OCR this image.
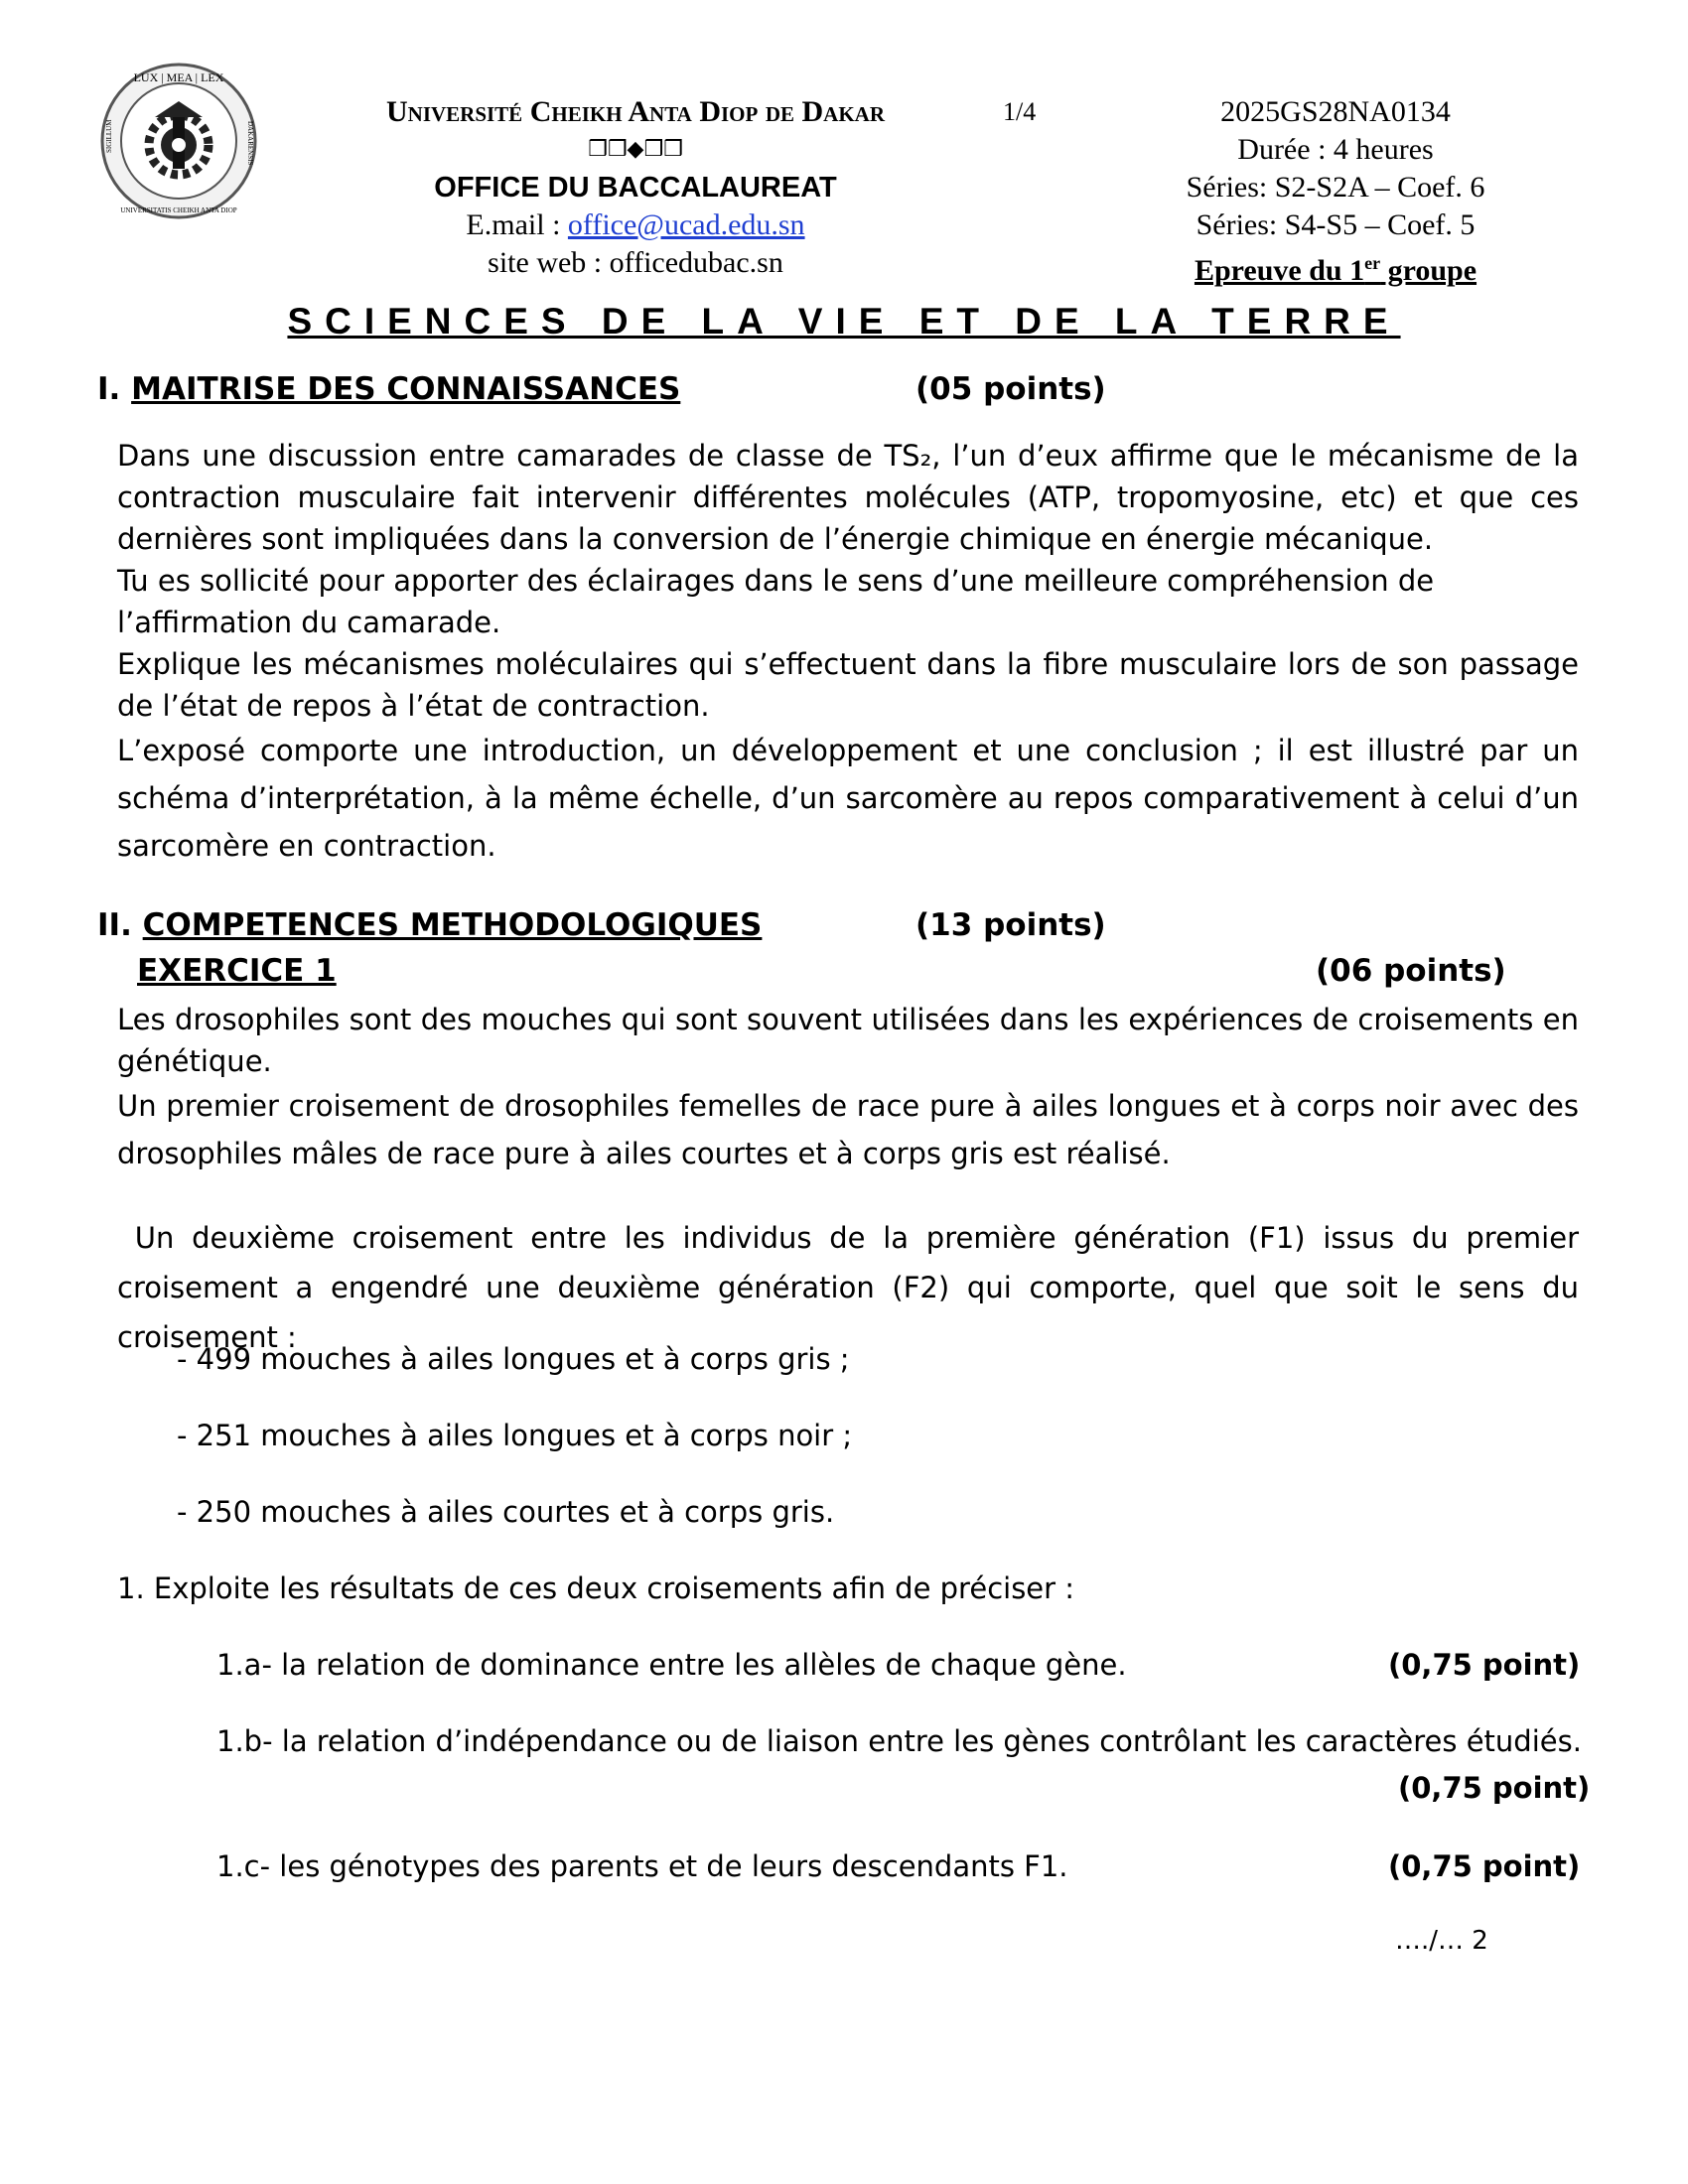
LUX | MEA | LEX
SIGILLUM
UNIVERSITATIS CHEIKH ANTA DIOP
DAKARENSIS
Université Cheikh Anta Diop de Dakar
❒❒◆❒❒
OFFICE DU BACCALAUREAT
E.mail : office@ucad.edu.sn
site web : officedubac.sn
1/4	2025GS28NA0134
Durée : 4 heures
Séries: S2-S2A – Coef. 6
Séries: S4-S5 – Coef. 5
Epreuve du 1er groupe
SCIENCES DE LA VIE ET DE LA TERRE
I. MAITRISE DES CONNAISSANCES	(05 points)

Dans une discussion entre camarades de classe de TS₂, l’un d’eux affirme que le mécanisme de la contraction musculaire fait intervenir différentes molécules (ATP, tropomyosine, etc) et que ces dernières sont impliquées dans la conversion de l’énergie chimique en énergie mécanique.

Tu es sollicité pour apporter des éclairages dans le sens d’une meilleure compréhension de l’affirmation du camarade.

Explique les mécanismes moléculaires qui s’effectuent dans la fibre musculaire lors de son passage de l’état de repos à l’état de contraction.

L’exposé comporte une introduction, un développement et une conclusion ; il est illustré par un schéma d’interprétation, à la même échelle, d’un sarcomère au repos comparativement à celui d’un sarcomère en contraction.

II. COMPETENCES METHODOLOGIQUES	(13 points)
EXERCICE 1	(06 points)

Les drosophiles sont des mouches qui sont souvent utilisées dans les expériences de croisements en génétique.

Un premier croisement de drosophiles femelles de race pure à ailes longues et à corps noir avec des drosophiles mâles de race pure à ailes courtes et à corps gris est réalisé.

Un deuxième croisement entre les individus de la première génération (F1) issus du premier croisement a engendré une deuxième génération (F2) qui comporte, quel que soit le sens du croisement :

- 499 mouches à ailes longues et à corps gris ;
- 251 mouches à ailes longues et à corps noir ;
- 250 mouches à ailes courtes et à corps gris.
1. Exploite les résultats de ces deux croisements afin de préciser :
1.a- la relation de dominance entre les allèles de chaque gène.	(0,75 point)
1.b- la relation d’indépendance ou de liaison entre les gènes contrôlant les caractères étudiés.
(0,75 point)
1.c- les génotypes des parents et de leurs descendants F1.	(0,75 point)
…./… 2
